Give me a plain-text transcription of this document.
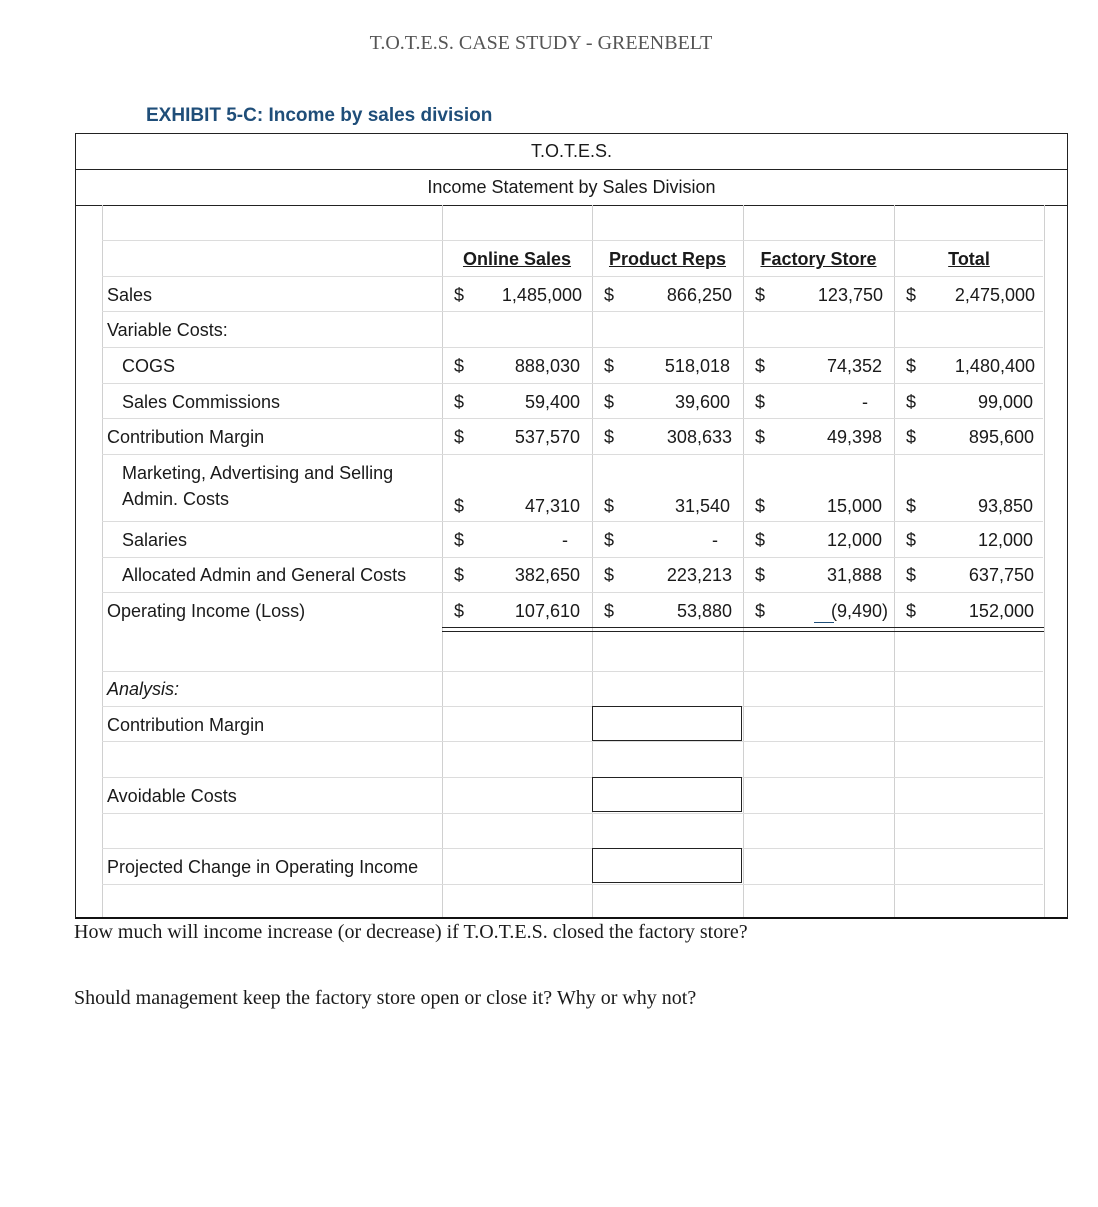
T.O.T.E.S. CASE STUDY - GREENBELT
EXHIBIT 5-C: Income by sales division
T.O.T.E.S.
Income Statement by Sales Division
Online Sales	Product Reps	Factory Store	Total
Sales	$	1,485,000 $	866,250 $	123,750 $	2,475,000
Variable Costs:
COGS	$	888,030 $	518,018 $	74,352 $	1,480,400
Sales Commissions	$	59,400 $	39,600 $	- $	99,000
Contribution Margin	$	537,570 $	308,633 $	49,398 $	895,600
Marketing, Advertising and Selling
Admin. Costs	$	47,310 $	31,540 $	15,000 $	93,850
Salaries	$	- $	- $	12,000 $	12,000
Allocated Admin and General Costs	$	382,650 $	223,213 $	31,888 $	637,750
Operating Income (Loss)	$	107,610 $	53,880 $	(9,490) $	152,000
Analysis:
Contribution Margin
Avoidable Costs
Projected Change in Operating Income
How much will income increase (or decrease) if T.O.T.E.S. closed the factory store?
Should management keep the factory store open or close it? Why or why not?
